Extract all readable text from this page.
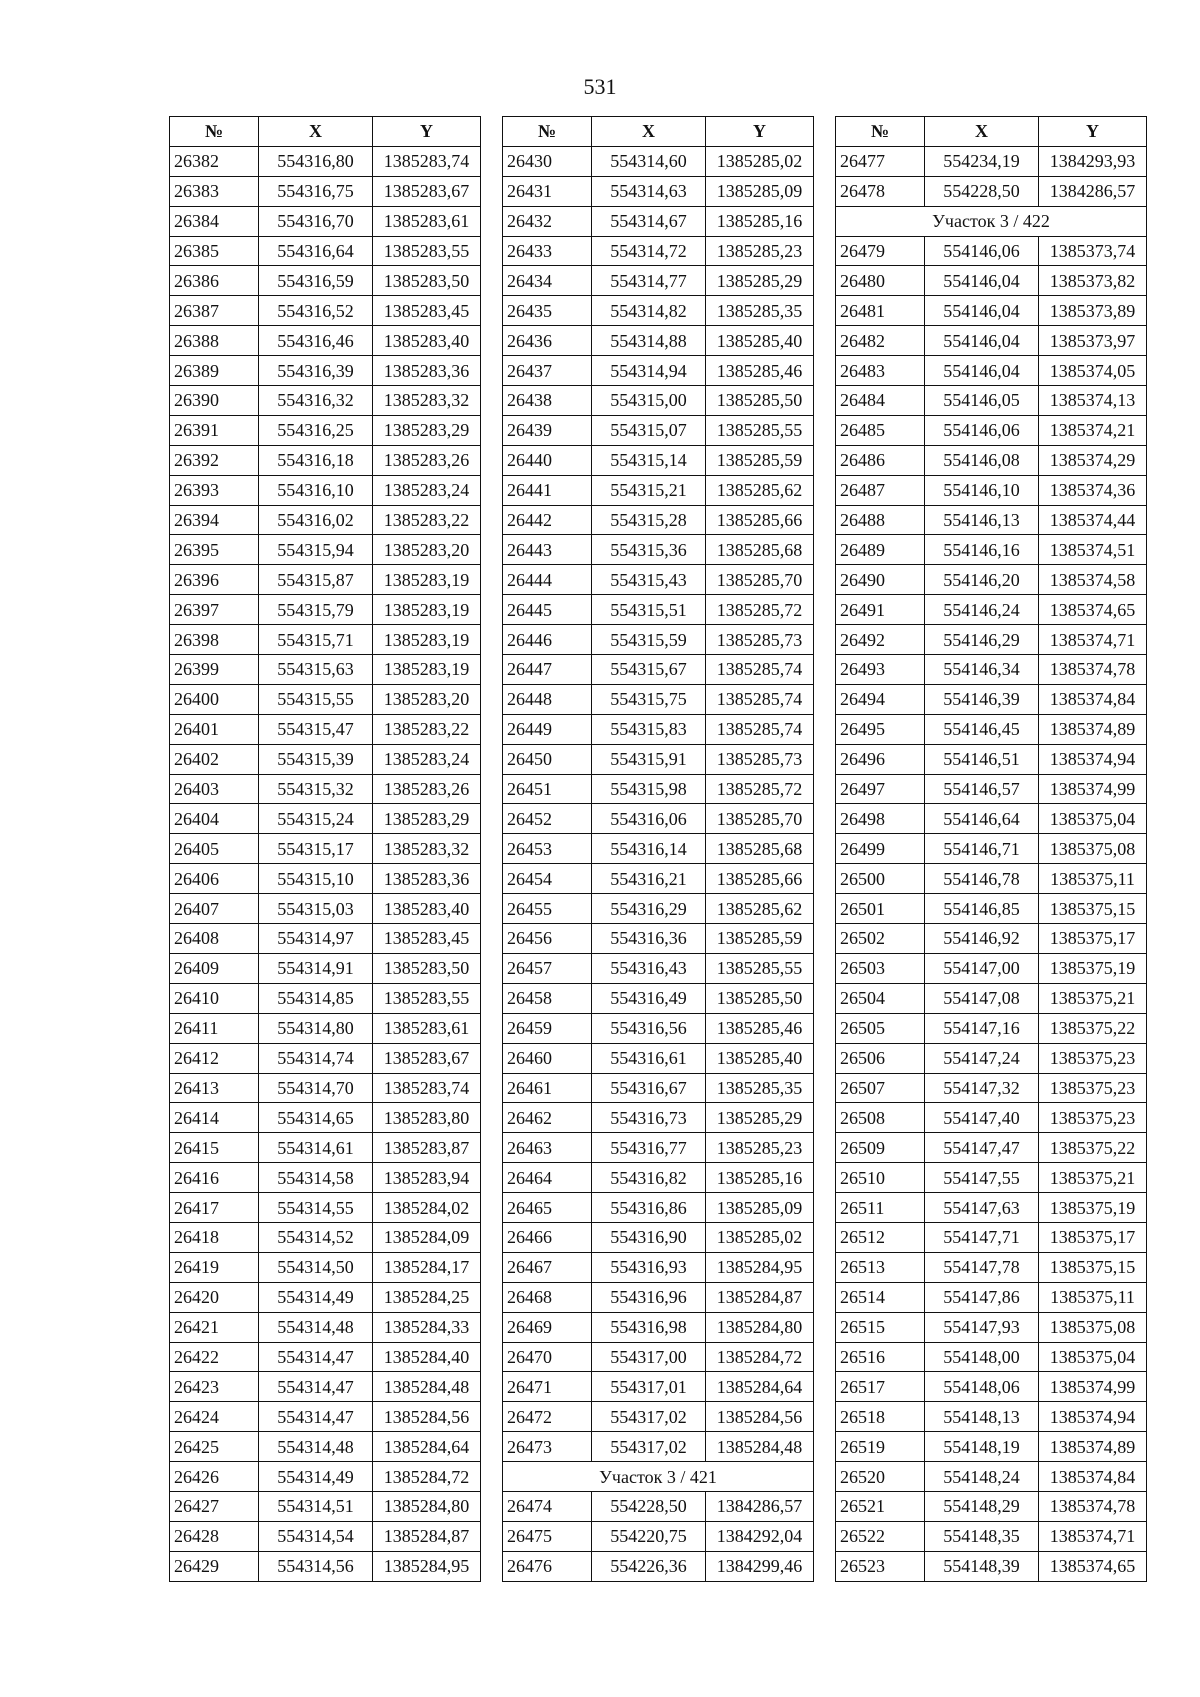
531
№	X	Y
26382	554316,80	1385283,74
26383	554316,75	1385283,67
26384	554316,70	1385283,61
26385	554316,64	1385283,55
26386	554316,59	1385283,50
26387	554316,52	1385283,45
26388	554316,46	1385283,40
26389	554316,39	1385283,36
26390	554316,32	1385283,32
26391	554316,25	1385283,29
26392	554316,18	1385283,26
26393	554316,10	1385283,24
26394	554316,02	1385283,22
26395	554315,94	1385283,20
26396	554315,87	1385283,19
26397	554315,79	1385283,19
26398	554315,71	1385283,19
26399	554315,63	1385283,19
26400	554315,55	1385283,20
26401	554315,47	1385283,22
26402	554315,39	1385283,24
26403	554315,32	1385283,26
26404	554315,24	1385283,29
26405	554315,17	1385283,32
26406	554315,10	1385283,36
26407	554315,03	1385283,40
26408	554314,97	1385283,45
26409	554314,91	1385283,50
26410	554314,85	1385283,55
26411	554314,80	1385283,61
26412	554314,74	1385283,67
26413	554314,70	1385283,74
26414	554314,65	1385283,80
26415	554314,61	1385283,87
26416	554314,58	1385283,94
26417	554314,55	1385284,02
26418	554314,52	1385284,09
26419	554314,50	1385284,17
26420	554314,49	1385284,25
26421	554314,48	1385284,33
26422	554314,47	1385284,40
26423	554314,47	1385284,48
26424	554314,47	1385284,56
26425	554314,48	1385284,64
26426	554314,49	1385284,72
26427	554314,51	1385284,80
26428	554314,54	1385284,87
26429	554314,56	1385284,95
№	X	Y
26430	554314,60	1385285,02
26431	554314,63	1385285,09
26432	554314,67	1385285,16
26433	554314,72	1385285,23
26434	554314,77	1385285,29
26435	554314,82	1385285,35
26436	554314,88	1385285,40
26437	554314,94	1385285,46
26438	554315,00	1385285,50
26439	554315,07	1385285,55
26440	554315,14	1385285,59
26441	554315,21	1385285,62
26442	554315,28	1385285,66
26443	554315,36	1385285,68
26444	554315,43	1385285,70
26445	554315,51	1385285,72
26446	554315,59	1385285,73
26447	554315,67	1385285,74
26448	554315,75	1385285,74
26449	554315,83	1385285,74
26450	554315,91	1385285,73
26451	554315,98	1385285,72
26452	554316,06	1385285,70
26453	554316,14	1385285,68
26454	554316,21	1385285,66
26455	554316,29	1385285,62
26456	554316,36	1385285,59
26457	554316,43	1385285,55
26458	554316,49	1385285,50
26459	554316,56	1385285,46
26460	554316,61	1385285,40
26461	554316,67	1385285,35
26462	554316,73	1385285,29
26463	554316,77	1385285,23
26464	554316,82	1385285,16
26465	554316,86	1385285,09
26466	554316,90	1385285,02
26467	554316,93	1385284,95
26468	554316,96	1385284,87
26469	554316,98	1385284,80
26470	554317,00	1385284,72
26471	554317,01	1385284,64
26472	554317,02	1385284,56
26473	554317,02	1385284,48
Участок 3 / 421		
26474	554228,50	1384286,57
26475	554220,75	1384292,04
26476	554226,36	1384299,46
№	X	Y
26477	554234,19	1384293,93
26478	554228,50	1384286,57
Участок 3 / 422		
26479	554146,06	1385373,74
26480	554146,04	1385373,82
26481	554146,04	1385373,89
26482	554146,04	1385373,97
26483	554146,04	1385374,05
26484	554146,05	1385374,13
26485	554146,06	1385374,21
26486	554146,08	1385374,29
26487	554146,10	1385374,36
26488	554146,13	1385374,44
26489	554146,16	1385374,51
26490	554146,20	1385374,58
26491	554146,24	1385374,65
26492	554146,29	1385374,71
26493	554146,34	1385374,78
26494	554146,39	1385374,84
26495	554146,45	1385374,89
26496	554146,51	1385374,94
26497	554146,57	1385374,99
26498	554146,64	1385375,04
26499	554146,71	1385375,08
26500	554146,78	1385375,11
26501	554146,85	1385375,15
26502	554146,92	1385375,17
26503	554147,00	1385375,19
26504	554147,08	1385375,21
26505	554147,16	1385375,22
26506	554147,24	1385375,23
26507	554147,32	1385375,23
26508	554147,40	1385375,23
26509	554147,47	1385375,22
26510	554147,55	1385375,21
26511	554147,63	1385375,19
26512	554147,71	1385375,17
26513	554147,78	1385375,15
26514	554147,86	1385375,11
26515	554147,93	1385375,08
26516	554148,00	1385375,04
26517	554148,06	1385374,99
26518	554148,13	1385374,94
26519	554148,19	1385374,89
26520	554148,24	1385374,84
26521	554148,29	1385374,78
26522	554148,35	1385374,71
26523	554148,39	1385374,65
